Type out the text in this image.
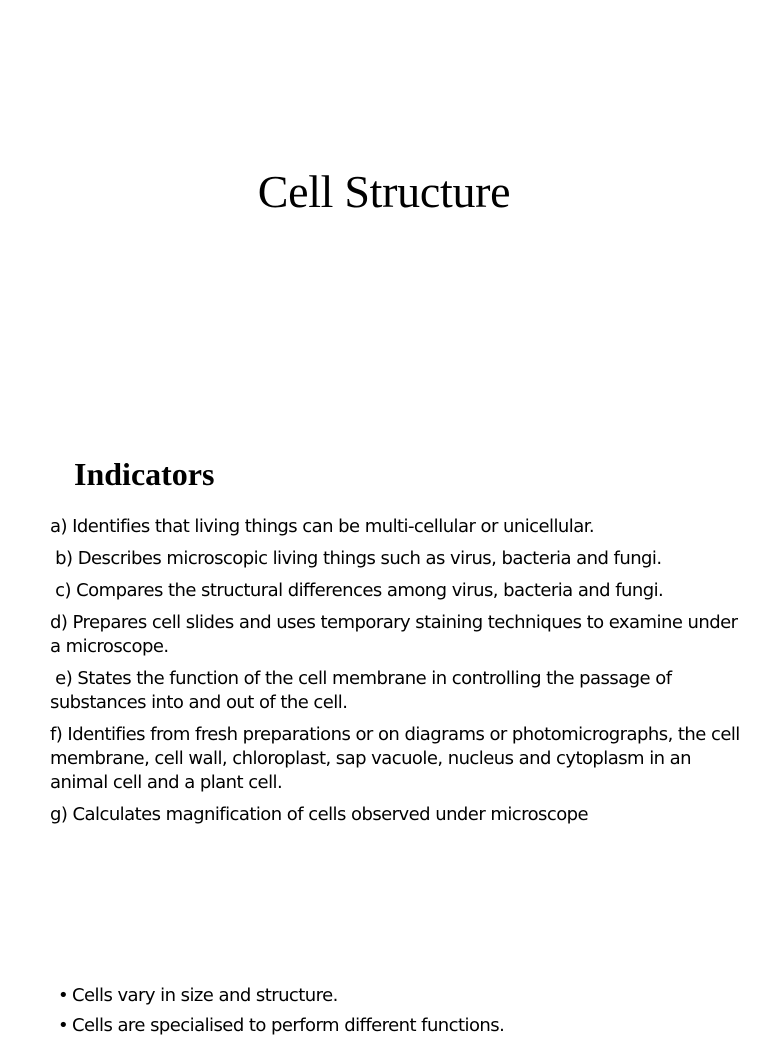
Cell Structure
Indicators
a) Identifies that living things can be multi-cellular or unicellular.
b) Describes microscopic living things such as virus, bacteria and fungi.
c) Compares the structural differences among virus, bacteria and fungi.
d) Prepares cell slides and uses temporary staining techniques to examine under a microscope.
e) States the function of the cell membrane in controlling the passage of substances into and out of the cell.
f) Identifies from fresh preparations or on diagrams or photomicrographs, the cell membrane, cell wall, chloroplast, sap vacuole, nucleus and cytoplasm in an animal cell and a plant cell.
g) Calculates magnification of cells observed under microscope
• Cells vary in size and structure.
• Cells are specialised to perform different functions.
